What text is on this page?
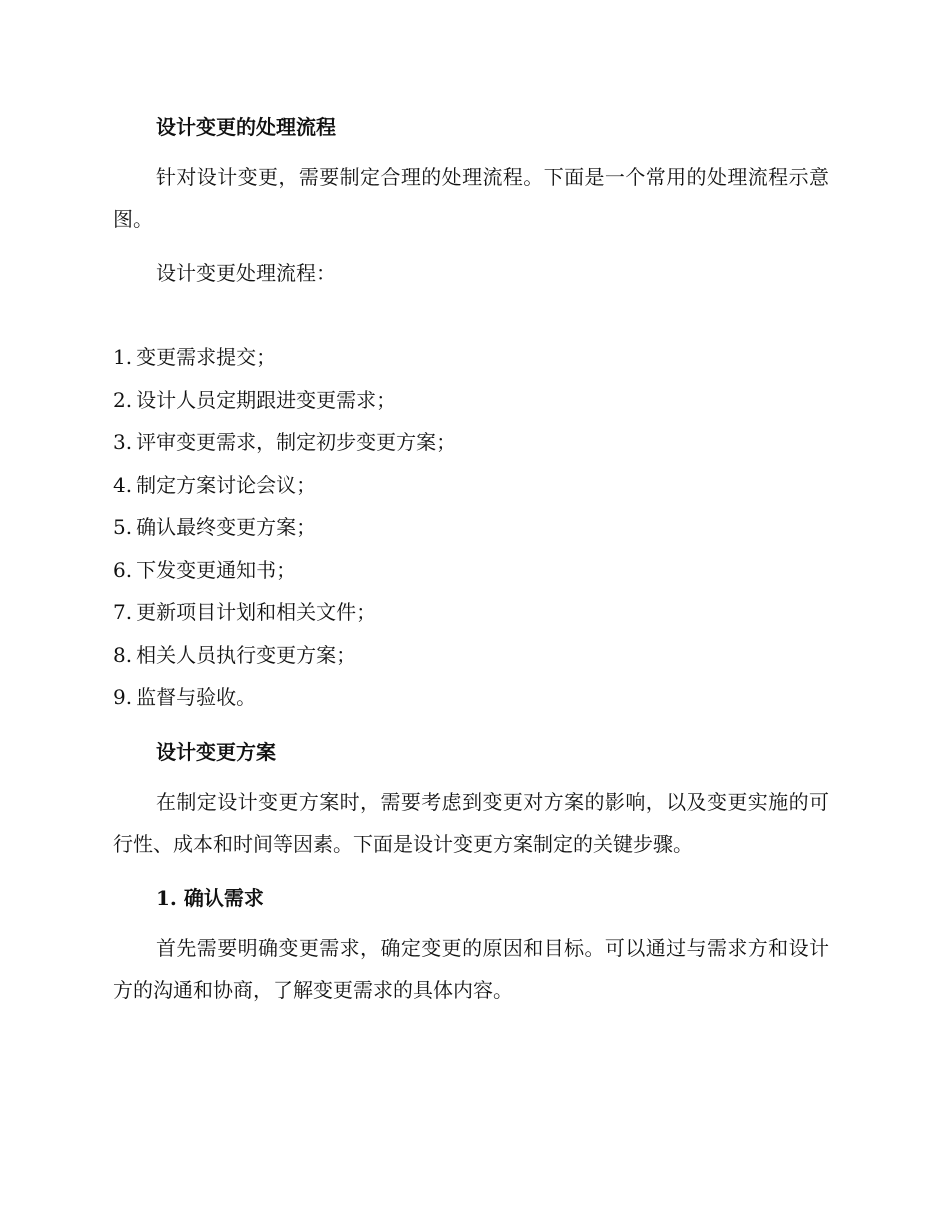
设计变更的处理流程

针对设计变更，需要制定合理的处理流程。下面是一个常用的处理流程示意图。

设计变更处理流程：

1. 变更需求提交；
2. 设计人员定期跟进变更需求；
3. 评审变更需求，制定初步变更方案；
4. 制定方案讨论会议；
5. 确认最终变更方案；
6. 下发变更通知书；
7. 更新项目计划和相关文件；
8. 相关人员执行变更方案；
9. 监督与验收。
设计变更方案

在制定设计变更方案时，需要考虑到变更对方案的影响，以及变更实施的可行性、成本和时间等因素。下面是设计变更方案制定的关键步骤。

1. 确认需求

首先需要明确变更需求，确定变更的原因和目标。可以通过与需求方和设计方的沟通和协商，了解变更需求的具体内容。
